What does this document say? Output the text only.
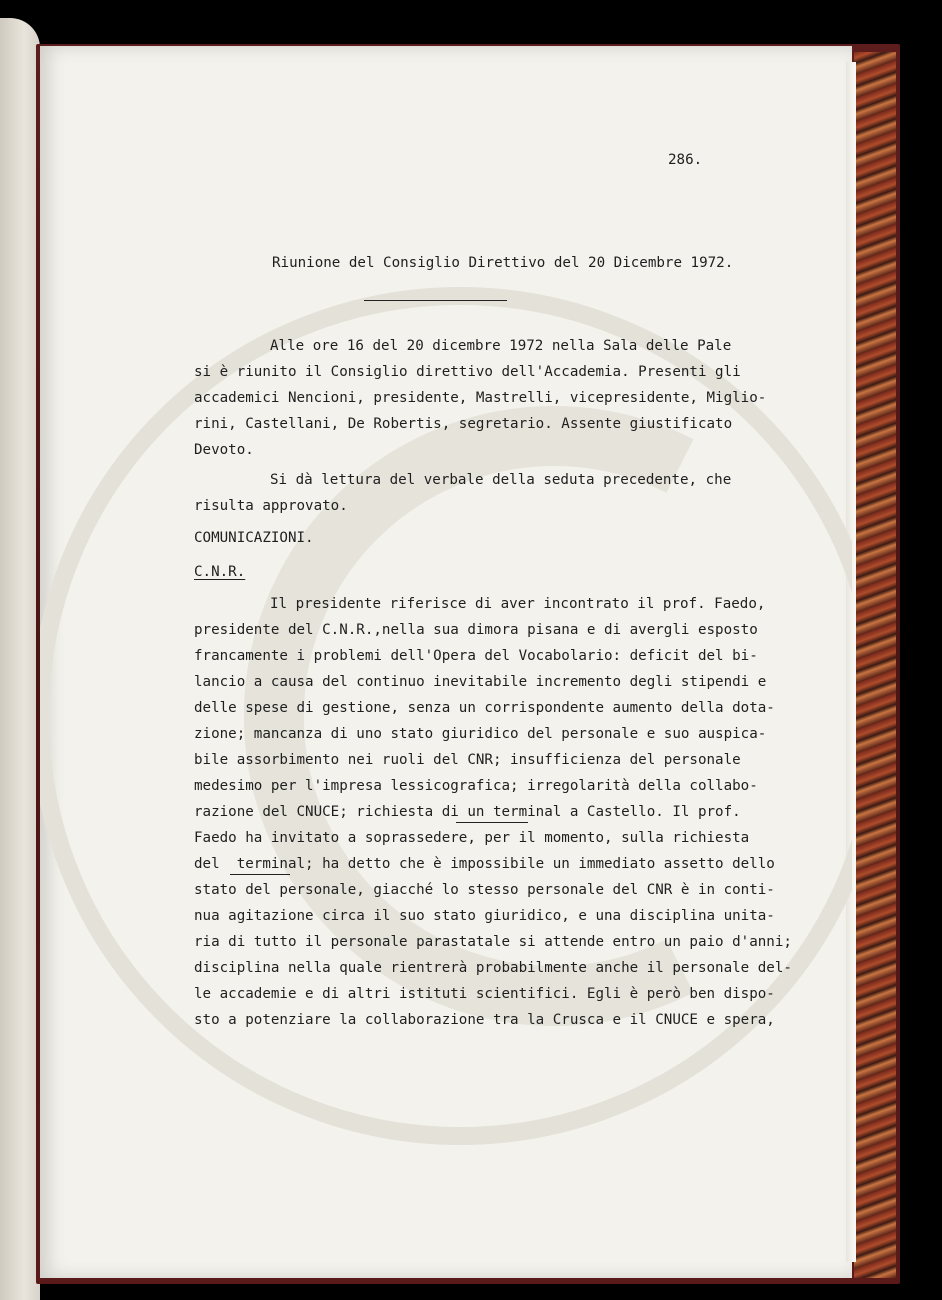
286.
Riunione del Consiglio Direttivo del 20 Dicembre 1972.
Alle ore 16 del 20 dicembre 1972 nella Sala delle Pale
si è riunito il Consiglio direttivo dell'Accademia. Presenti gli
accademici Nencioni, presidente, Mastrelli, vicepresidente, Miglio-
rini, Castellani, De Robertis, segretario. Assente giustificato
Devoto.
Si dà lettura del verbale della seduta precedente, che
risulta approvato.
COMUNICAZIONI.
C.N.R.
Il presidente riferisce di aver incontrato il prof. Faedo,
presidente del C.N.R.,nella sua dimora pisana e di avergli esposto
francamente i problemi dell'Opera del Vocabolario: deficit del bi-
lancio a causa del continuo inevitabile incremento degli stipendi e
delle spese di gestione, senza un corrispondente aumento della dota-
zione; mancanza di uno stato giuridico del personale e suo auspica-
bile assorbimento nei ruoli del CNR; insufficienza del personale
medesimo per l'impresa lessicografica; irregolarità della collabo-
razione del CNUCE; richiesta di un terminal a Castello. Il prof.
Faedo ha invitato a soprassedere, per il momento, sulla richiesta
del  terminal; ha detto che è impossibile un immediato assetto dello
stato del personale, giacché lo stesso personale del CNR è in conti-
nua agitazione circa il suo stato giuridico, e una disciplina unita-
ria di tutto il personale parastatale si attende entro un paio d'anni;
disciplina nella quale rientrerà probabilmente anche il personale del-
le accademie e di altri istituti scientifici. Egli è però ben dispo-
sto a potenziare la collaborazione tra la Crusca e il CNUCE e spera,
